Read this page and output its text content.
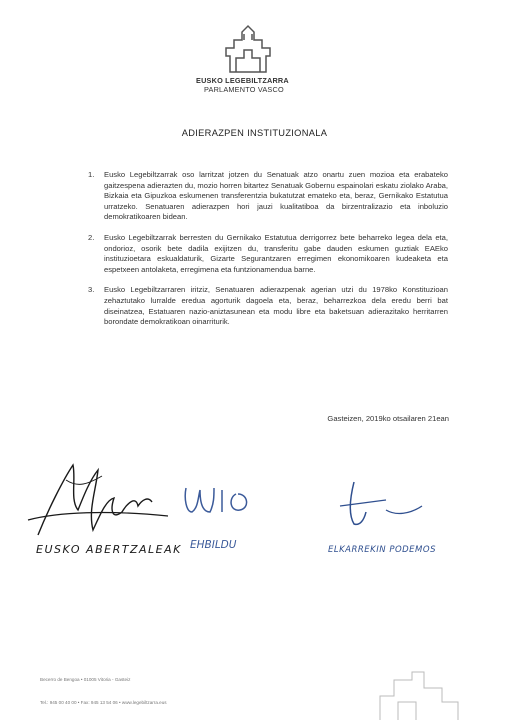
EUSKO LEGEBILTZARRA
PARLAMENTO VASCO
ADIERAZPEN INSTITUZIONALA
1.	Eusko Legebiltzarrak oso larritzat jotzen du Senatuak atzo onartu zuen mozioa eta erabateko gaitzespena adierazten du, mozio horren bitartez Senatuak Gobernu espainolari eskatu ziolako Araba, Bizkaia eta Gipuzkoa eskumenen transferentzia bukatutzat emateko eta, beraz, Gernikako Estatutua urratzeko. Senatuaren adierazpen hori jauzi kualitatiboa da birzentralizazio eta inboluzio demokratikoaren bidean.
2.	Eusko Legebiltzarrak berresten du Gernikako Estatutua derrigorrez bete beharreko legea dela eta, ondorioz, osorik bete dadila exijitzen du, transferitu gabe dauden eskumen guztiak EAEko instituzioetara eskualdaturik, Gizarte Segurantzaren erregimen ekonomikoaren kudeaketa eta espetxeen antolaketa, erregimena eta funtzionamendua barne.
3.	Eusko Legebiltzarraren iritziz, Senatuaren adierazpenak agerian utzi du 1978ko Konstituzioan zehaztutako lurralde eredua agorturik dagoela eta, beraz, beharrezkoa dela eredu berri bat diseinatzea, Estatuaren nazio-aniztasunean eta modu libre eta baketsuan adierazitako herritarren borondate demokratikoan oinarriturik.
Gasteizen, 2019ko otsailaren 21ean
EUSKO ABERTZALEAK EHBILDU	ELKARREKIN PODEMOS
Becerro de Bengoa • 01005 Vitoria - Gasteiz
Tel.: 945 00 40 00 • Fax: 945 13 54 06 • www.legebiltzarra.eus
